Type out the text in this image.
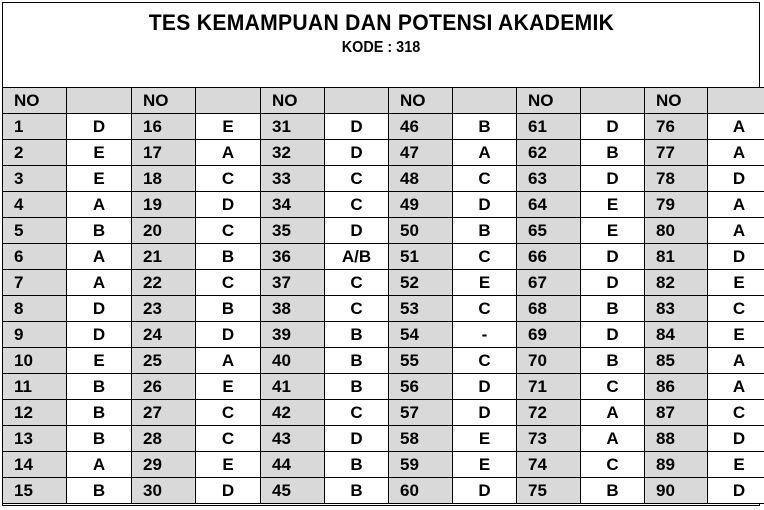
TES KEMAMPUAN DAN POTENSI AKADEMIK
KODE : 318
NO		NO		NO		NO		NO		NO	
1	D	16	E	31	D	46	B	61	D	76	A
2	E	17	A	32	D	47	A	62	B	77	A
3	E	18	C	33	C	48	C	63	D	78	D
4	A	19	D	34	C	49	D	64	E	79	A
5	B	20	C	35	D	50	B	65	E	80	A
6	A	21	B	36	A/B	51	C	66	D	81	D
7	A	22	C	37	C	52	E	67	D	82	E
8	D	23	B	38	C	53	C	68	B	83	C
9	D	24	D	39	B	54	-	69	D	84	E
10	E	25	A	40	B	55	C	70	B	85	A
11	B	26	E	41	B	56	D	71	C	86	A
12	B	27	C	42	C	57	D	72	A	87	C
13	B	28	C	43	D	58	E	73	A	88	D
14	A	29	E	44	B	59	E	74	C	89	E
15	B	30	D	45	B	60	D	75	B	90	D
